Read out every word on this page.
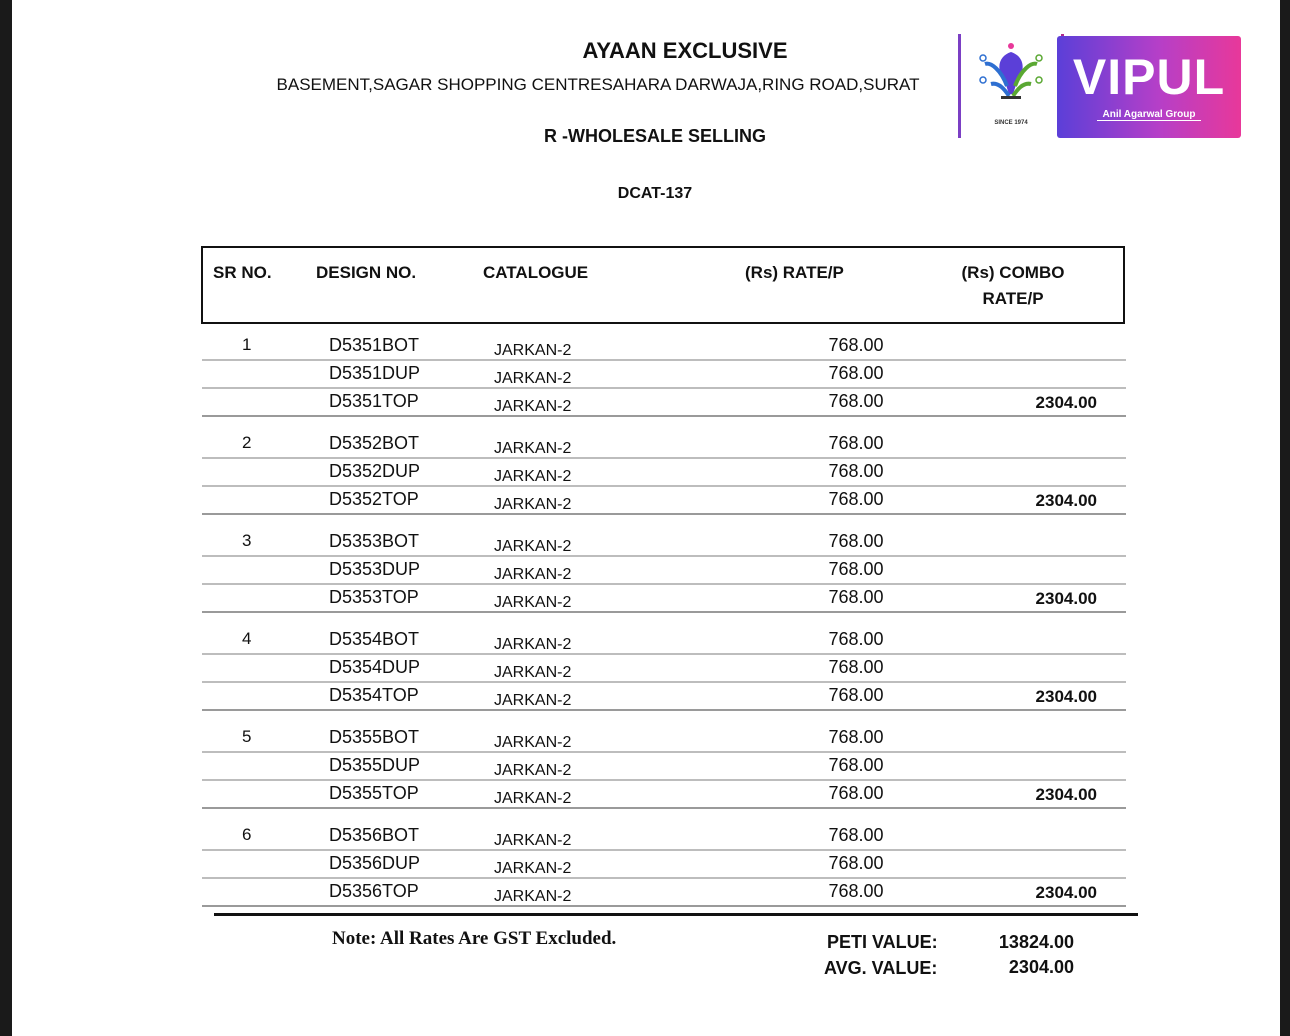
AYAAN EXCLUSIVE
BASEMENT,SAGAR SHOPPING CENTRESAHARA DARWAJA,RING ROAD,SURAT
R -WHOLESALE SELLING
DCAT-137
SINCE 1974
VIPUL
Anil Agarwal Group
SR NO.	DESIGN NO.	CATALOGUE	(Rs) RATE/P	(Rs) COMBO
RATE/P
1	D5351BOT	JARKAN-2	768.00
D5351DUP	JARKAN-2	768.00
D5351TOP	JARKAN-2	768.00	2304.00
2	D5352BOT	JARKAN-2	768.00
D5352DUP	JARKAN-2	768.00
D5352TOP	JARKAN-2	768.00	2304.00
3	D5353BOT	JARKAN-2	768.00
D5353DUP	JARKAN-2	768.00
D5353TOP	JARKAN-2	768.00	2304.00
4	D5354BOT	JARKAN-2	768.00
D5354DUP	JARKAN-2	768.00
D5354TOP	JARKAN-2	768.00	2304.00
5	D5355BOT	JARKAN-2	768.00
D5355DUP	JARKAN-2	768.00
D5355TOP	JARKAN-2	768.00	2304.00
6	D5356BOT	JARKAN-2	768.00
D5356DUP	JARKAN-2	768.00
D5356TOP	JARKAN-2	768.00	2304.00
Note: All Rates Are GST Excluded.	PETI VALUE:	13824.00
AVG. VALUE:	2304.00
